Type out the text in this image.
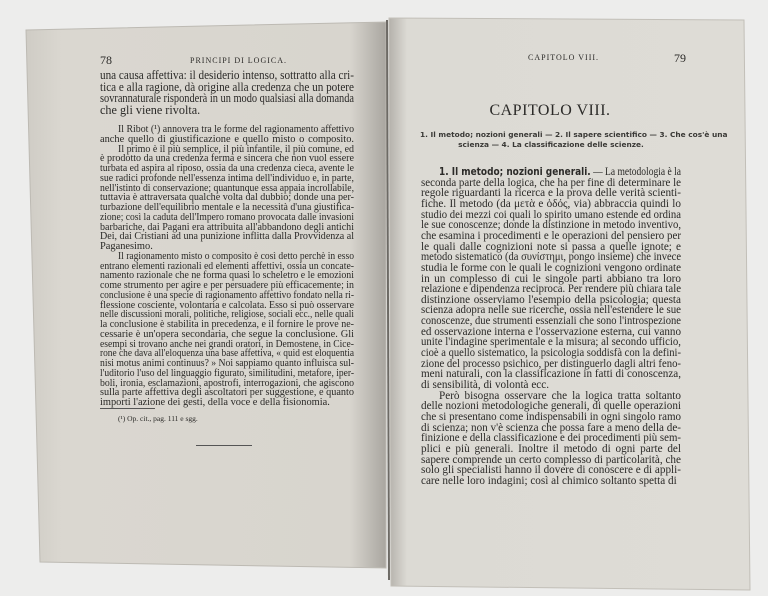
78	PRINCIPI DI LOGICA.
una causa affettiva: il desiderio intenso, sottratto alla cri-
tica e alla ragione, dà origine alla credenza che un potere
sovrannaturale risponderà in un modo qualsiasi alla domanda
che gli viene rivolta.
Il Ribot (¹) annovera tra le forme del ragionamento affettivo
anche quello di giustificazione e quello misto o composito.
Il primo è il più semplice, il più infantile, il più comune, ed
è prodotto da una credenza ferma e sincera che non vuol essere
turbata ed aspira al riposo, ossia da una credenza cieca, avente le
sue radici profonde nell'essenza intima dell'individuo e, in parte,
nell'istinto di conservazione; quantunque essa appaia incrollabile,
tuttavia è attraversata qualche volta dal dubbio; donde una per-
turbazione dell'equilibrio mentale e la necessità d'una giustifica-
zione; così la caduta dell'Impero romano provocata dalle invasioni
barbariche, dai Pagani era attribuita all'abbandono degli antichi
Dei, dai Cristiani ad una punizione inflitta dalla Provvidenza al
Paganesimo.
Il ragionamento misto o composito è così detto perchè in esso
entrano elementi razionali ed elementi affettivi, ossia un concate-
namento razionale che ne forma quasi lo scheletro e le emozioni
come strumento per agire e per persuadere più efficacemente; in
conclusione è una specie di ragionamento affettivo fondato nella ri-
flessione cosciente, volontaria e calcolata. Esso si può osservare
nelle discussioni morali, politiche, religiose, sociali ecc., nelle quali
la conclusione è stabilita in precedenza, e il fornire le prove ne-
cessarie è un'opera secondaria, che segue la conclusione. Gli
esempi si trovano anche nei grandi oratori, in Demostene, in Cice-
rone che dava all'eloquenza una base affettiva, « quid est eloquentia
nisi motus animi continuus? » Noi sappiamo quanto influisca sul-
l'uditorio l'uso del linguaggio figurato, similitudini, metafore, iper-
boli, ironia, esclamazioni, apostrofi, interrogazioni, che agiscono
sulla parte affettiva degli ascoltatori per suggestione, e quanto
importi l'azione dei gesti, della voce e della fisionomia.
(¹) Op. cit., pag. 111 e sgg.
CAPITOLO VIII.	79
CAPITOLO VIII.
1. Il metodo; nozioni generali — 2. Il sapere scientifico — 3. Che cos'è una
scienza — 4. La classificazione delle scienze.
1. Il metodo; nozioni generali. — La metodologia è la
seconda parte della logica, che ha per fine di determinare le
regole riguardanti la ricerca e la prova delle verità scienti-
fiche. Il metodo (da μετὰ e ὁδός, via) abbraccia quindi lo
studio dei mezzi coi quali lo spirito umano estende ed ordina
le sue conoscenze; donde la distinzione in metodo inventivo,
che esamina i procedimenti e le operazioni del pensiero per
le quali dalle cognizioni note si passa a quelle ignote; e
metodo sistematico (da συνίστημι, pongo insieme) che invece
studia le forme con le quali le cognizioni vengono ordinate
in un complesso di cui le singole parti abbiano tra loro
relazione e dipendenza reciproca. Per rendere più chiara tale
distinzione osserviamo l'esempio della psicologia; questa
scienza adopra nelle sue ricerche, ossia nell'estendere le sue
conoscenze, due strumenti essenziali che sono l'introspezione
ed osservazione interna e l'osservazione esterna, cui vanno
unite l'indagine sperimentale e la misura; al secondo ufficio,
cioè a quello sistematico, la psicologia soddisfà con la defini-
zione del processo psichico, per distinguerlo dagli altri feno-
meni naturali, con la classificazione in fatti di conoscenza,
di sensibilità, di volontà ecc.
Però bisogna osservare che la logica tratta soltanto
delle nozioni metodologiche generali, di quelle operazioni
che si presentano come indispensabili in ogni singolo ramo
di scienza; non v'è scienza che possa fare a meno della de-
finizione e della classificazione e dei procedimenti più sem-
plici e più generali. Inoltre il metodo di ogni parte del
sapere comprende un certo complesso di particolarità, che
solo gli specialisti hanno il dovere di conoscere e di appli-
care nelle loro indagini; così al chimico soltanto spetta di
